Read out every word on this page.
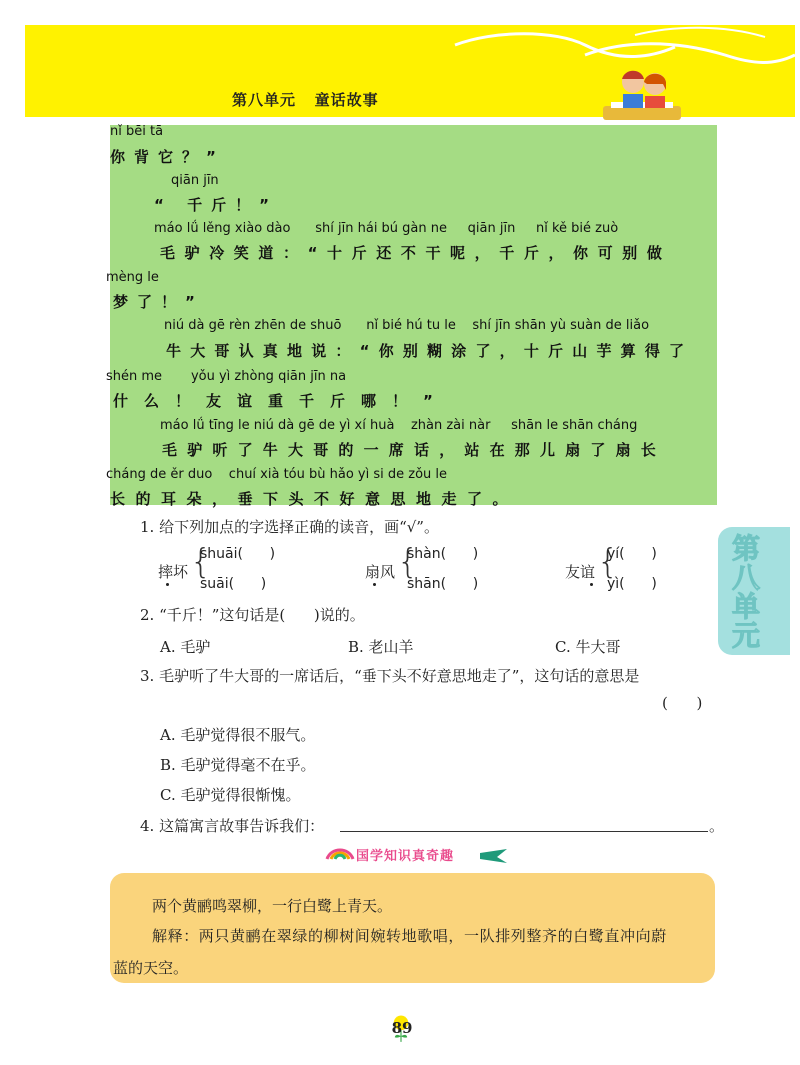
第八单元   童话故事
nǐ bēi tā
你背它？”
qiān jīn
“ 千斤！”
máo lǘ lěng xiào dào      shí jīn hái bú gàn ne     qiān jīn     nǐ kě bié zuò
毛驴冷笑道：“十斤还不干呢，千斤，你可别做
mèng le
梦了！”
niú dà gē rèn zhēn de shuō      nǐ bié hú tu le    shí jīn shān yù suàn de liǎo
牛大哥认真地说：“你别糊涂了，十斤山芋算得了
shén me       yǒu yì zhòng qiān jīn na
什么！友谊重千斤哪！”
máo lǘ tīng le niú dà gē de yì xí huà    zhàn zài nàr     shān le shān cháng
毛驴听了牛大哥的一席话，站在那儿扇了扇长
cháng de ěr duo    chuí xià tóu bù hǎo yì si de zǒu le
长的耳朵，垂下头不好意思地走了。
1. 给下列加点的字选择正确的读音，画“√”。
摔坏 {
shuāi(      )
suāi(      )
扇风 {
shàn(      )
shān(      )
友谊 {
yí(      )
yì(      )
2. “千斤！”这句话是(      )说的。
A. 毛驴	B. 老山羊	C. 牛大哥
3. 毛驴听了牛大哥的一席话后，“垂下头不好意思地走了”，这句话的意思是
(      )
A. 毛驴觉得很不服气。
B. 毛驴觉得毫不在乎。
C. 毛驴觉得很惭愧。
4. 这篇寓言故事告诉我们：	。
第八单元
国学知识真奇趣
两个黄鹂鸣翠柳，一行白鹭上青天。
解释：两只黄鹂在翠绿的柳树间婉转地歌唱，一队排列整齐的白鹭直冲向蔚
蓝的天空。
89
